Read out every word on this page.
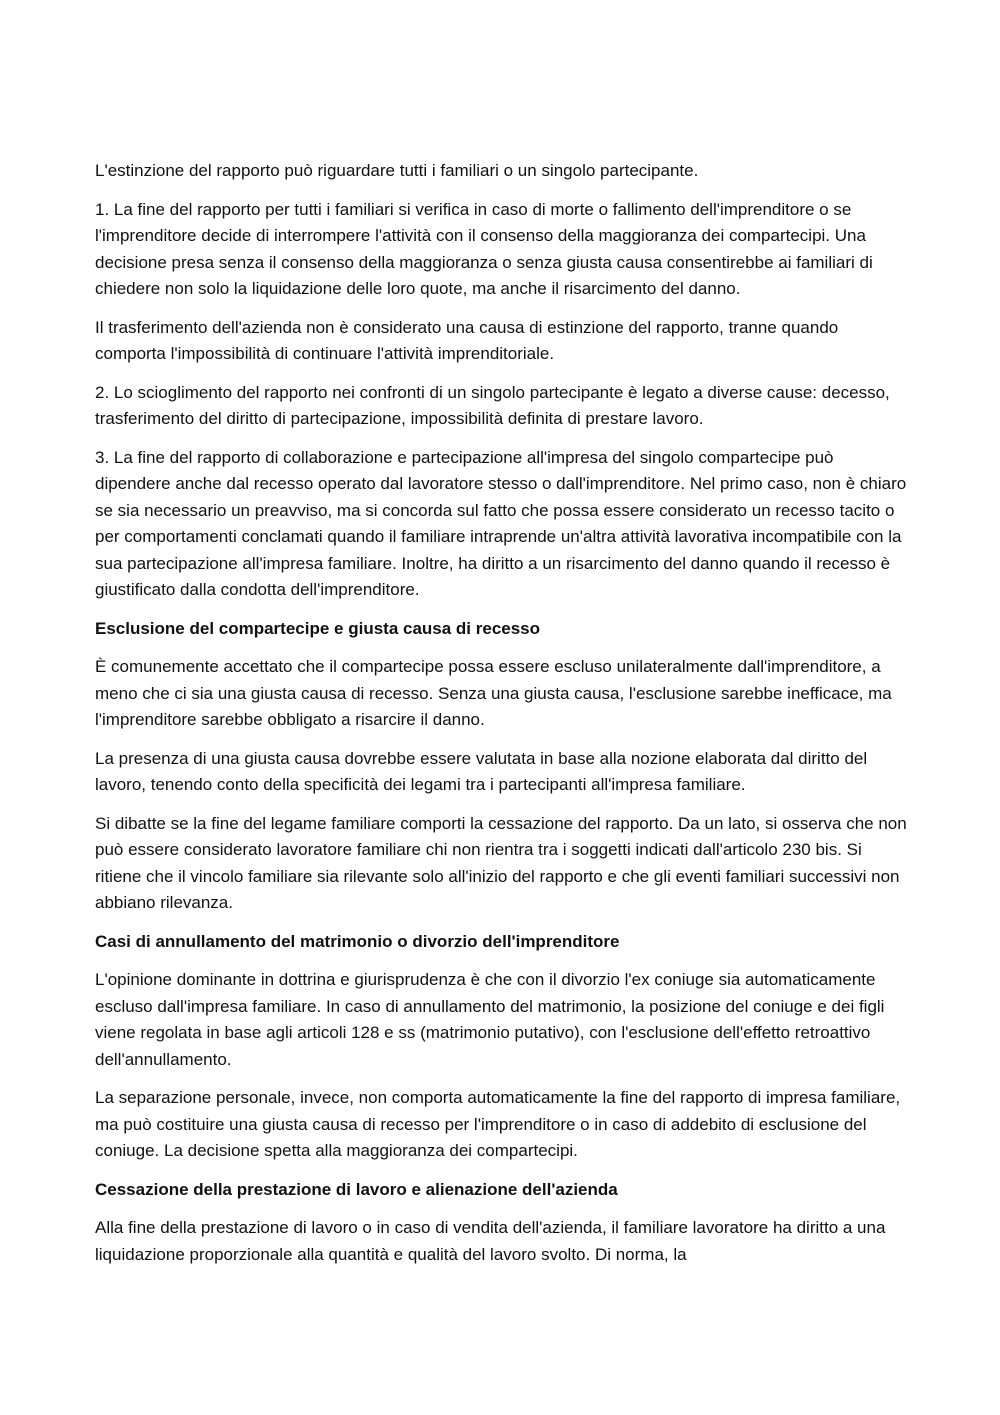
L'estinzione del rapporto può riguardare tutti i familiari o un singolo partecipante.

1. La fine del rapporto per tutti i familiari si verifica in caso di morte o fallimento dell'imprenditore o se l'imprenditore decide di interrompere l'attività con il consenso della maggioranza dei compartecipi. Una decisione presa senza il consenso della maggioranza o senza giusta causa consentirebbe ai familiari di chiedere non solo la liquidazione delle loro quote, ma anche il risarcimento del danno.

Il trasferimento dell'azienda non è considerato una causa di estinzione del rapporto, tranne quando comporta l'impossibilità di continuare l'attività imprenditoriale.

2. Lo scioglimento del rapporto nei confronti di un singolo partecipante è legato a diverse cause: decesso, trasferimento del diritto di partecipazione, impossibilità definita di prestare lavoro.

3. La fine del rapporto di collaborazione e partecipazione all'impresa del singolo compartecipe può dipendere anche dal recesso operato dal lavoratore stesso o dall'imprenditore. Nel primo caso, non è chiaro se sia necessario un preavviso, ma si concorda sul fatto che possa essere considerato un recesso tacito o per comportamenti conclamati quando il familiare intraprende un'altra attività lavorativa incompatibile con la sua partecipazione all'impresa familiare. Inoltre, ha diritto a un risarcimento del danno quando il recesso è giustificato dalla condotta dell'imprenditore.

Esclusione del compartecipe e giusta causa di recesso

È comunemente accettato che il compartecipe possa essere escluso unilateralmente dall'imprenditore, a meno che ci sia una giusta causa di recesso. Senza una giusta causa, l'esclusione sarebbe inefficace, ma l'imprenditore sarebbe obbligato a risarcire il danno.

La presenza di una giusta causa dovrebbe essere valutata in base alla nozione elaborata dal diritto del lavoro, tenendo conto della specificità dei legami tra i partecipanti all'impresa familiare.

Si dibatte se la fine del legame familiare comporti la cessazione del rapporto. Da un lato, si osserva che non può essere considerato lavoratore familiare chi non rientra tra i soggetti indicati dall'articolo 230 bis. Si ritiene che il vincolo familiare sia rilevante solo all'inizio del rapporto e che gli eventi familiari successivi non abbiano rilevanza.

Casi di annullamento del matrimonio o divorzio dell'imprenditore

L'opinione dominante in dottrina e giurisprudenza è che con il divorzio l'ex coniuge sia automaticamente escluso dall'impresa familiare. In caso di annullamento del matrimonio, la posizione del coniuge e dei figli viene regolata in base agli articoli 128 e ss (matrimonio putativo), con l'esclusione dell'effetto retroattivo dell'annullamento.

La separazione personale, invece, non comporta automaticamente la fine del rapporto di impresa familiare, ma può costituire una giusta causa di recesso per l'imprenditore o in caso di addebito di esclusione del coniuge. La decisione spetta alla maggioranza dei compartecipi.

Cessazione della prestazione di lavoro e alienazione dell'azienda

Alla fine della prestazione di lavoro o in caso di vendita dell'azienda, il familiare lavoratore ha diritto a una liquidazione proporzionale alla quantità e qualità del lavoro svolto. Di norma, la
